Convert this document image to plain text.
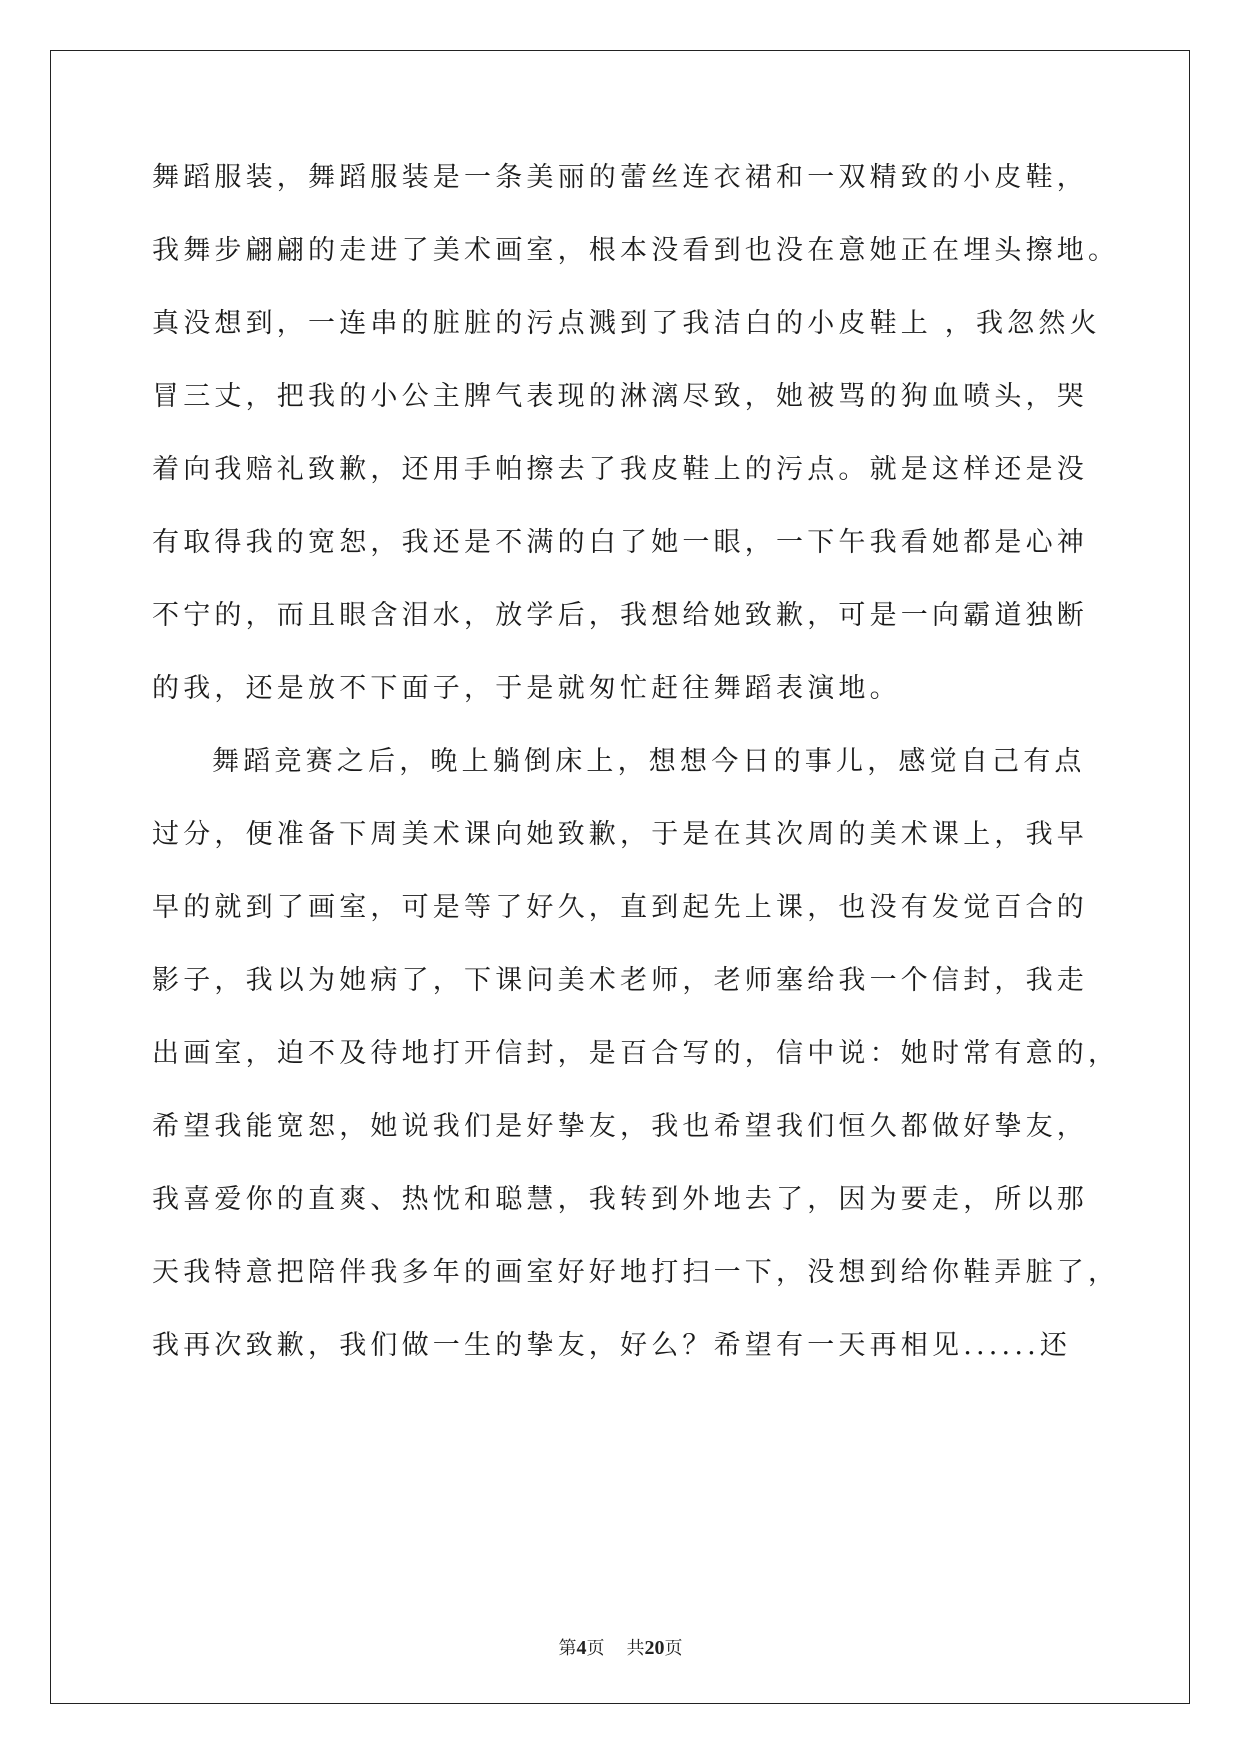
舞蹈服装，舞蹈服装是一条美丽的蕾丝连衣裙和一双精致的小皮鞋，
我舞步翩翩的走进了美术画室，根本没看到也没在意她正在埋头擦地。
真没想到，一连串的脏脏的污点溅到了我洁白的小皮鞋上 ，我忽然火
冒三丈，把我的小公主脾气表现的淋漓尽致，她被骂的狗血喷头，哭
着向我赔礼致歉，还用手帕擦去了我皮鞋上的污点。就是这样还是没
有取得我的宽恕，我还是不满的白了她一眼，一下午我看她都是心神
不宁的，而且眼含泪水，放学后，我想给她致歉，可是一向霸道独断
的我，还是放不下面子，于是就匆忙赶往舞蹈表演地。
舞蹈竞赛之后，晚上躺倒床上，想想今日的事儿，感觉自己有点
过分，便准备下周美术课向她致歉，于是在其次周的美术课上，我早
早的就到了画室，可是等了好久，直到起先上课，也没有发觉百合的
影子，我以为她病了，下课问美术老师，老师塞给我一个信封，我走
出画室，迫不及待地打开信封，是百合写的，信中说：她时常有意的，
希望我能宽恕，她说我们是好挚友，我也希望我们恒久都做好挚友，
我喜爱你的直爽、热忱和聪慧，我转到外地去了，因为要走，所以那
天我特意把陪伴我多年的画室好好地打扫一下，没想到给你鞋弄脏了，
我再次致歉，我们做一生的挚友，好么？希望有一天再相见......还
第4页 共20页
